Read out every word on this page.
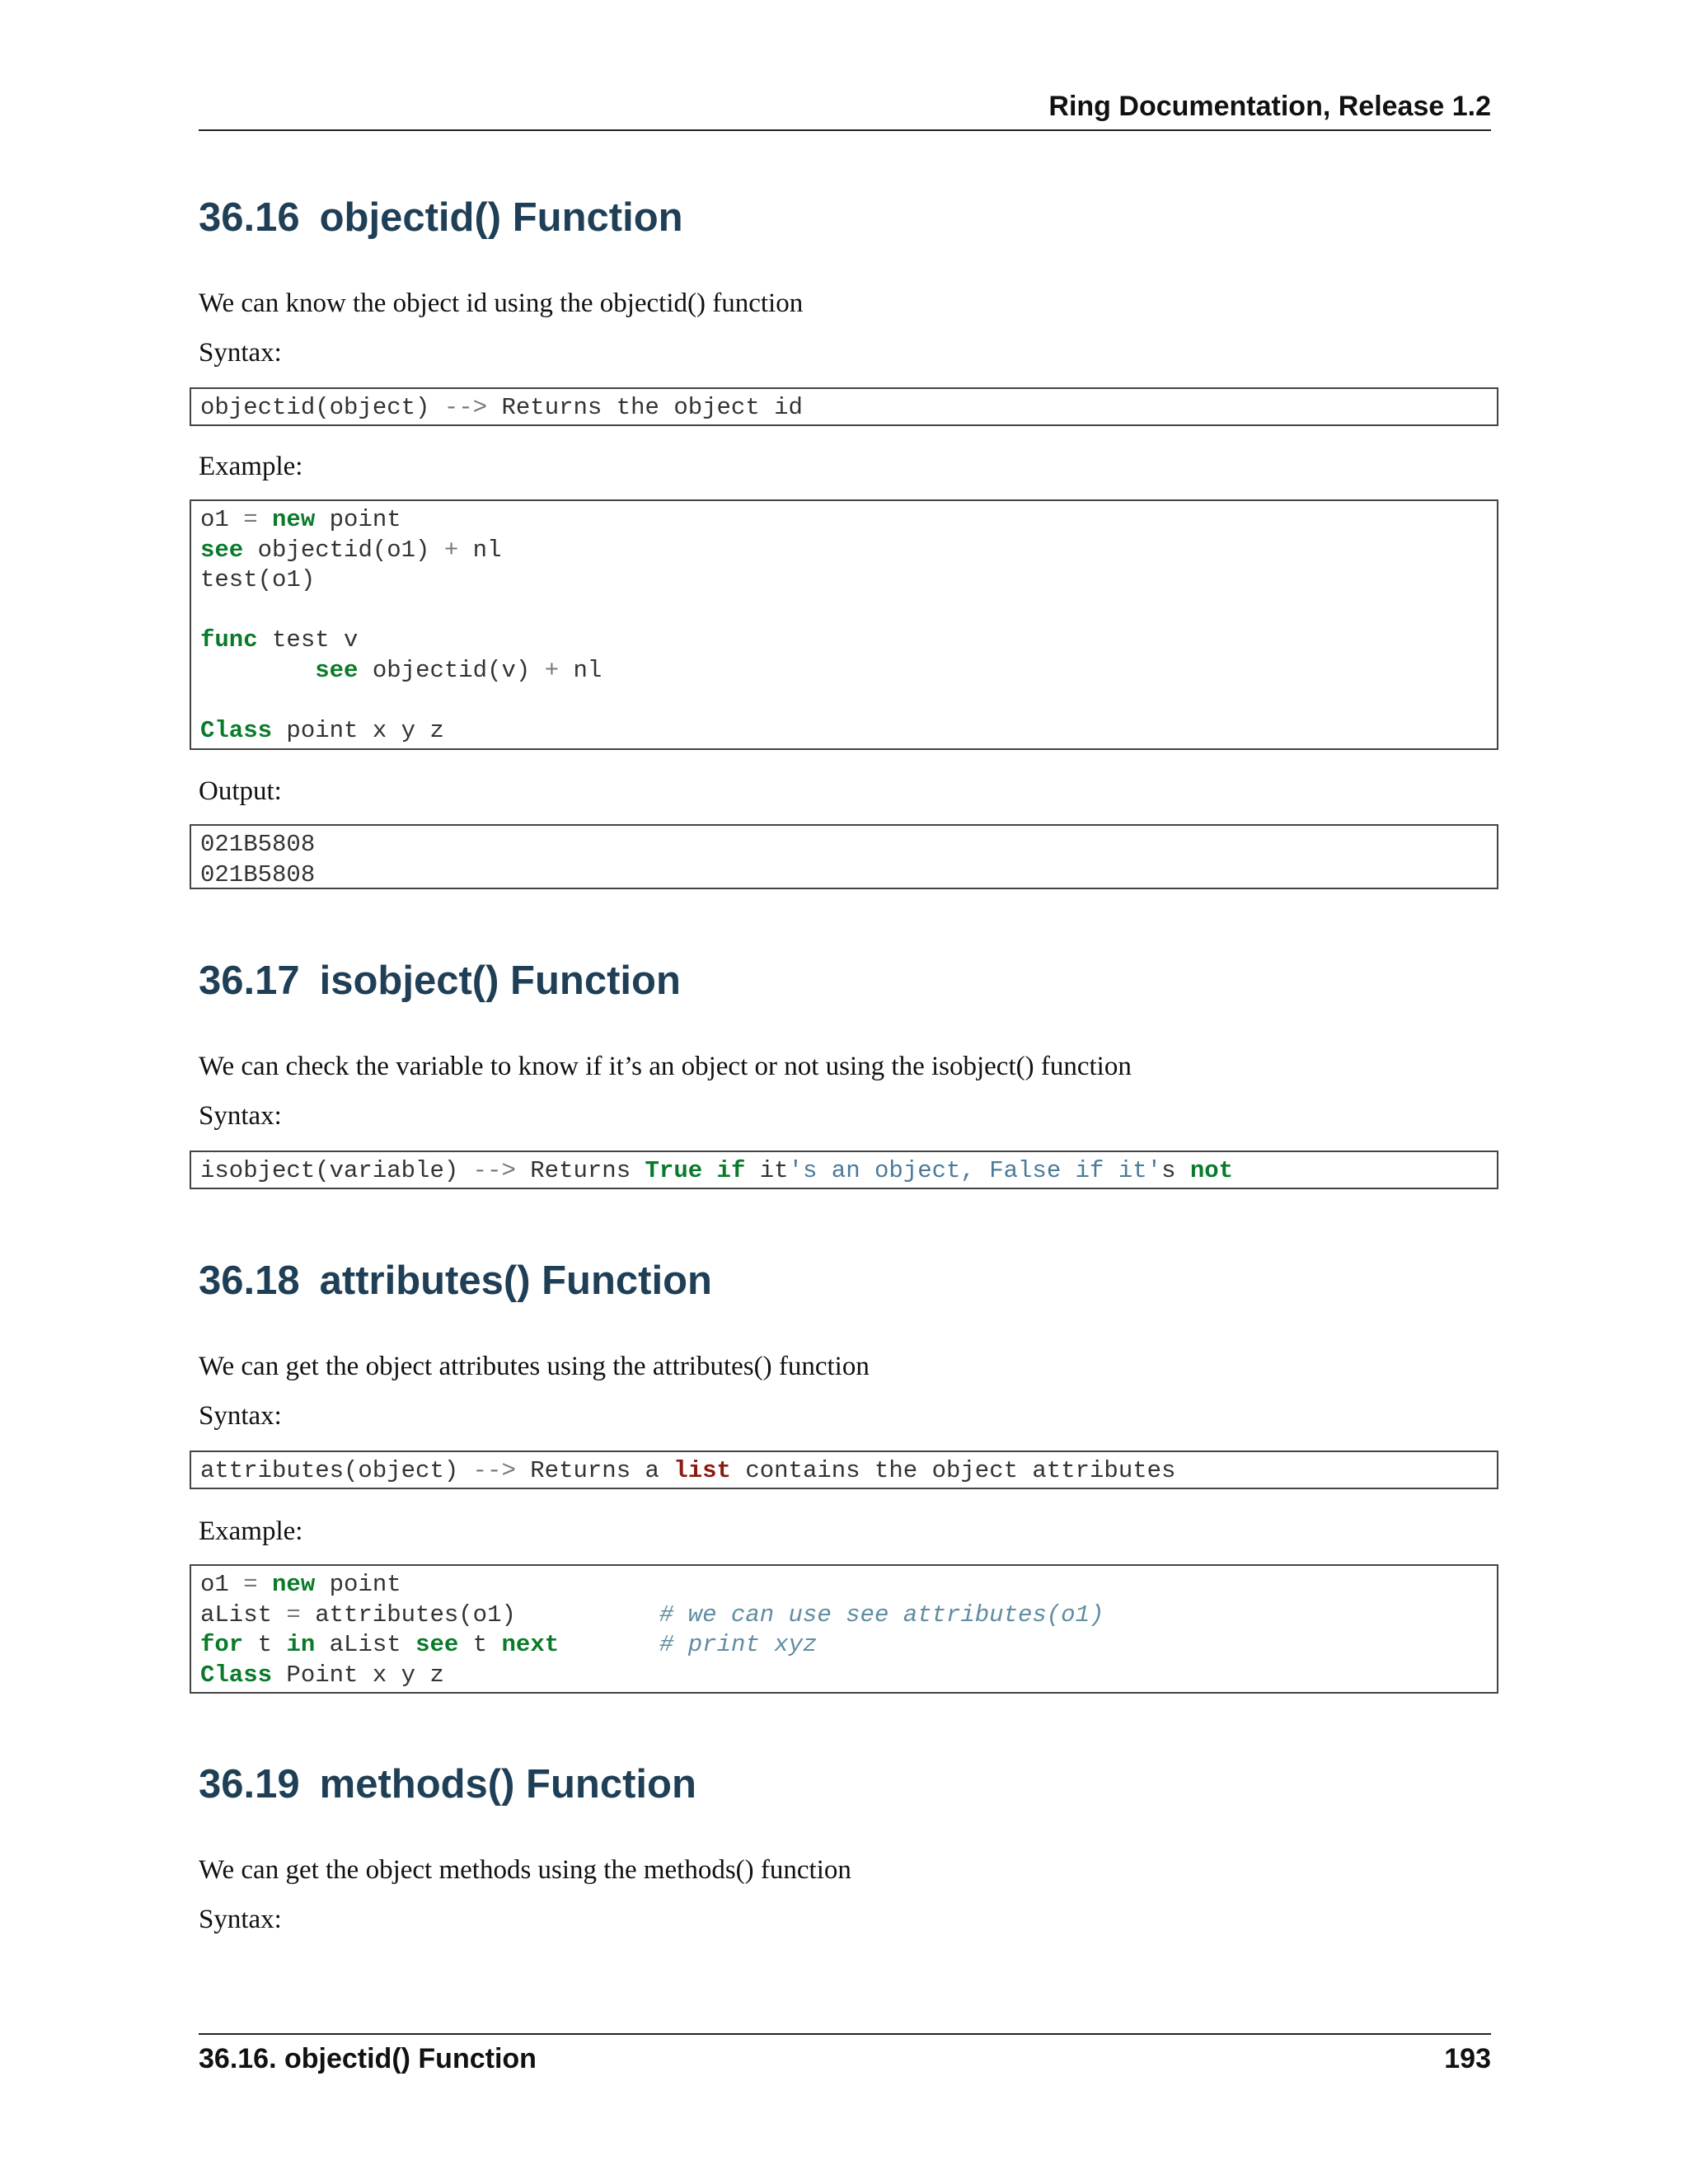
Ring Documentation, Release 1.2
36.16 objectid() Function
We can know the object id using the objectid() function
Syntax:
objectid(object) --> Returns the object id
Example:
o1 = new point
see objectid(o1) + nl
test(o1)

func test v
see objectid(v) + nl

Class point x y z
Output:
021B5808
021B5808
36.17 isobject() Function
We can check the variable to know if it’s an object or not using the isobject() function
Syntax:
isobject(variable) --> Returns True if it's an object, False if it's not
36.18 attributes() Function
We can get the object attributes using the attributes() function
Syntax:
attributes(object) --> Returns a list contains the object attributes
Example:
o1 = new point
aList = attributes(o1)          # we can use see attributes(o1)
for t in aList see t next	# print xyz
Class Point x y z
36.19 methods() Function
We can get the object methods using the methods() function
Syntax:
36.16. objectid() Function	193
